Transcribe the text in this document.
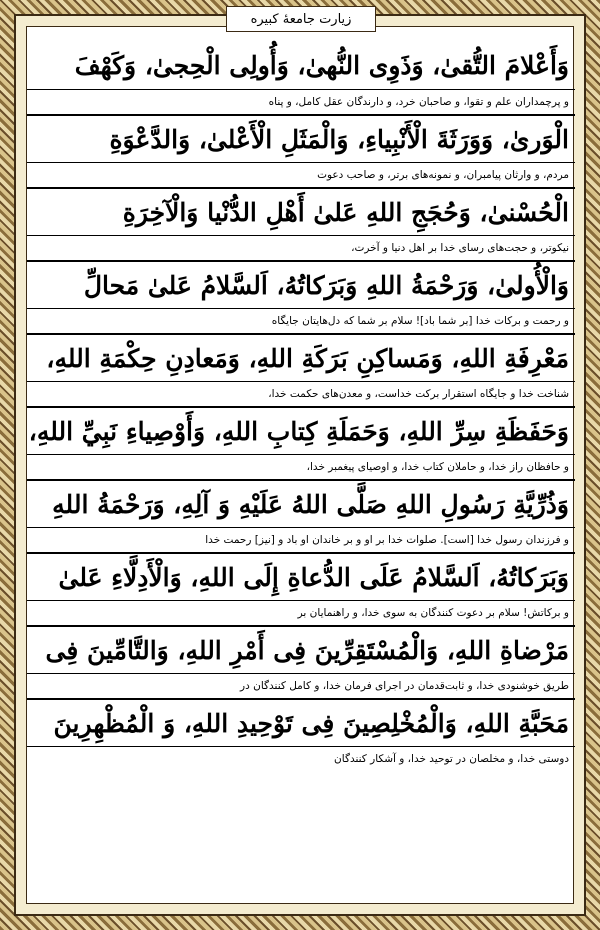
زیارت جامعهٔ کبیره
وَأَعْلامَ التُّقىٰ، وَذَوِی النُّهىٰ، وَأُولِی الْحِجىٰ، وَكَهْفَ
و پرچمداران علم و تقوا، و صاحبان خرد، و دارندگان عقل کامل، و پناه
الْوَرىٰ، وَوَرَثَةَ الْأَنْبِياءِ، وَالْمَثَلِ الْأَعْلىٰ، وَالدَّعْوَةِ
مردم، و وارثان پیامبران، و نمونه‌های برتر، و صاحب دعوت
الْحُسْنىٰ، وَحُجَجِ اللهِ عَلىٰ أَهْلِ الدُّنْيا وَالْآخِرَةِ
نیکوتر، و حجت‌های رسای خدا بر اهل دنیا و آخرت،
وَالْأُولىٰ، وَرَحْمَةُ اللهِ وَبَرَكاتُهُ، اَلسَّلامُ عَلىٰ مَحالِّ
و رحمت و برکات خدا [بر شما باد]! سلام بر شما که دل‌هایتان جایگاه
مَعْرِفَةِ اللهِ، وَمَساكِنِ بَرَكَةِ اللهِ، وَمَعادِنِ حِكْمَةِ اللهِ،
شناخت خدا و جایگاه استقرار برکت خداست، و معدن‌های حکمت خدا،
وَحَفَظَةِ سِرِّ اللهِ، وَحَمَلَةِ كِتابِ اللهِ، وَأَوْصِياءِ نَبِيِّ اللهِ،
و حافظان راز خدا، و حاملان کتاب خدا، و اوصیای پیغمبر خدا،
وَذُرِّيَّةِ رَسُولِ اللهِ صَلَّى اللهُ عَلَيْهِ وَ آلِهِ، وَرَحْمَةُ اللهِ
و فرزندان رسول خدا [است]. صلوات خدا بر او و بر خاندان او باد و [نیز] رحمت خدا
وَبَرَكاتُهُ، اَلسَّلامُ عَلَى الدُّعاةِ إِلَى اللهِ، وَالْأَدِلَّاءِ عَلىٰ
و برکاتش! سلام بر دعوت کنندگان به سوی خدا، و راهنمایان بر
مَرْضاةِ اللهِ، وَالْمُسْتَقِرِّينَ فِى أَمْرِ اللهِ، وَالتَّامِّينَ فِى
طریق خوشنودی خدا، و ثابت‌قدمان در اجرای فرمان خدا، و کامل کنندگان در
مَحَبَّةِ اللهِ، وَالْمُخْلِصِينَ فِى تَوْحِيدِ اللهِ، وَ الْمُظْهِرِينَ
دوستی خدا، و مخلصان در توحید خدا، و آشکار کنندگان
